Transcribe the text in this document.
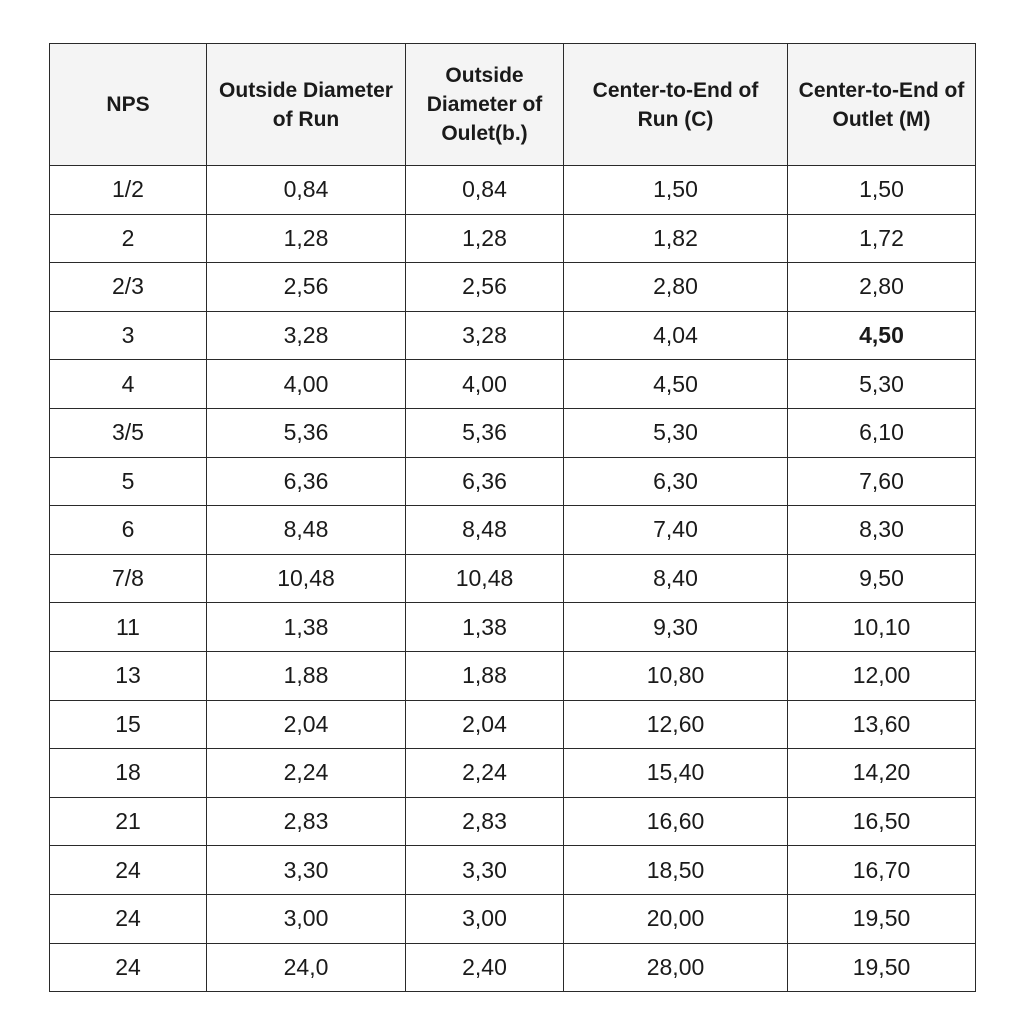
NPS	Outside Diameter of Run	Outside Diameter of Oulet(b.)	Center-to-End of Run (C)	Center-to-End of Outlet (M)
1/2	0,84	0,84	1,50	1,50
2	1,28	1,28	1,82	1,72
2/3	2,56	2,56	2,80	2,80
3	3,28	3,28	4,04	4,50
4	4,00	4,00	4,50	5,30
3/5	5,36	5,36	5,30	6,10
5	6,36	6,36	6,30	7,60
6	8,48	8,48	7,40	8,30
7/8	10,48	10,48	8,40	9,50
11	1,38	1,38	9,30	10,10
13	1,88	1,88	10,80	12,00
15	2,04	2,04	12,60	13,60
18	2,24	2,24	15,40	14,20
21	2,83	2,83	16,60	16,50
24	3,30	3,30	18,50	16,70
24	3,00	3,00	20,00	19,50
24	24,0	2,40	28,00	19,50
